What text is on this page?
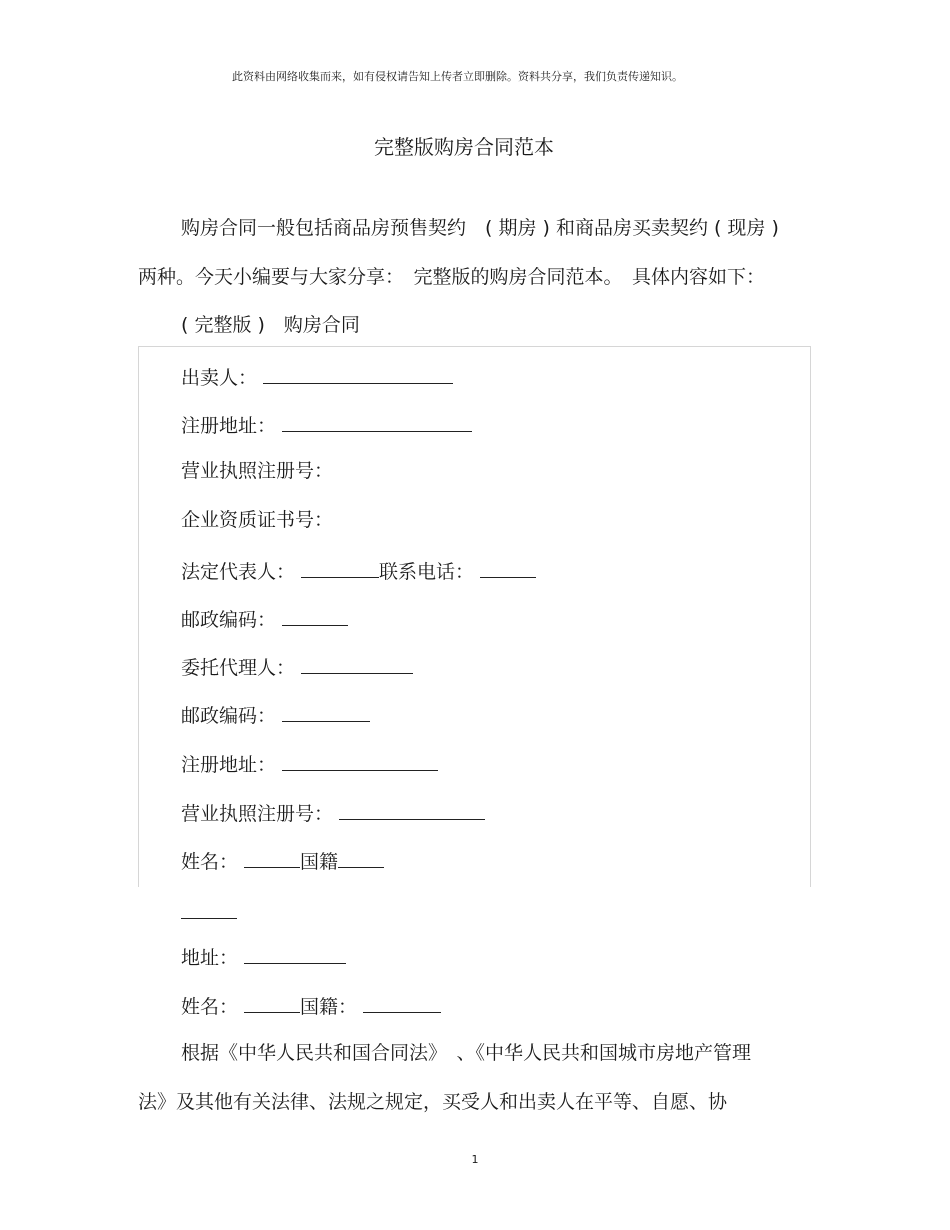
此资料由网络收集而来，如有侵权请告知上传者立即删除。资料共分享，我们负责传递知识。
完整版购房合同范本
购房合同一般包括商品房预售契约　( 期房 ) 和商品房买卖契约 ( 现房 )
两种。今天小编要与大家分享：　完整版的购房合同范本。　具体内容如下：
( 完整版 )　购房合同
出卖人：
注册地址：
营业执照注册号：
企业资质证书号：
法定代表人：	联系电话：
邮政编码：
委托代理人：
邮政编码：
注册地址：
营业执照注册号：
姓名：	国籍
地址：
姓名：	国籍：
根据《中华人民共和国合同法》　、《中华人民共和国城市房地产管理
法》及其他有关法律、法规之规定，买受人和出卖人在平等、自愿、协
1
